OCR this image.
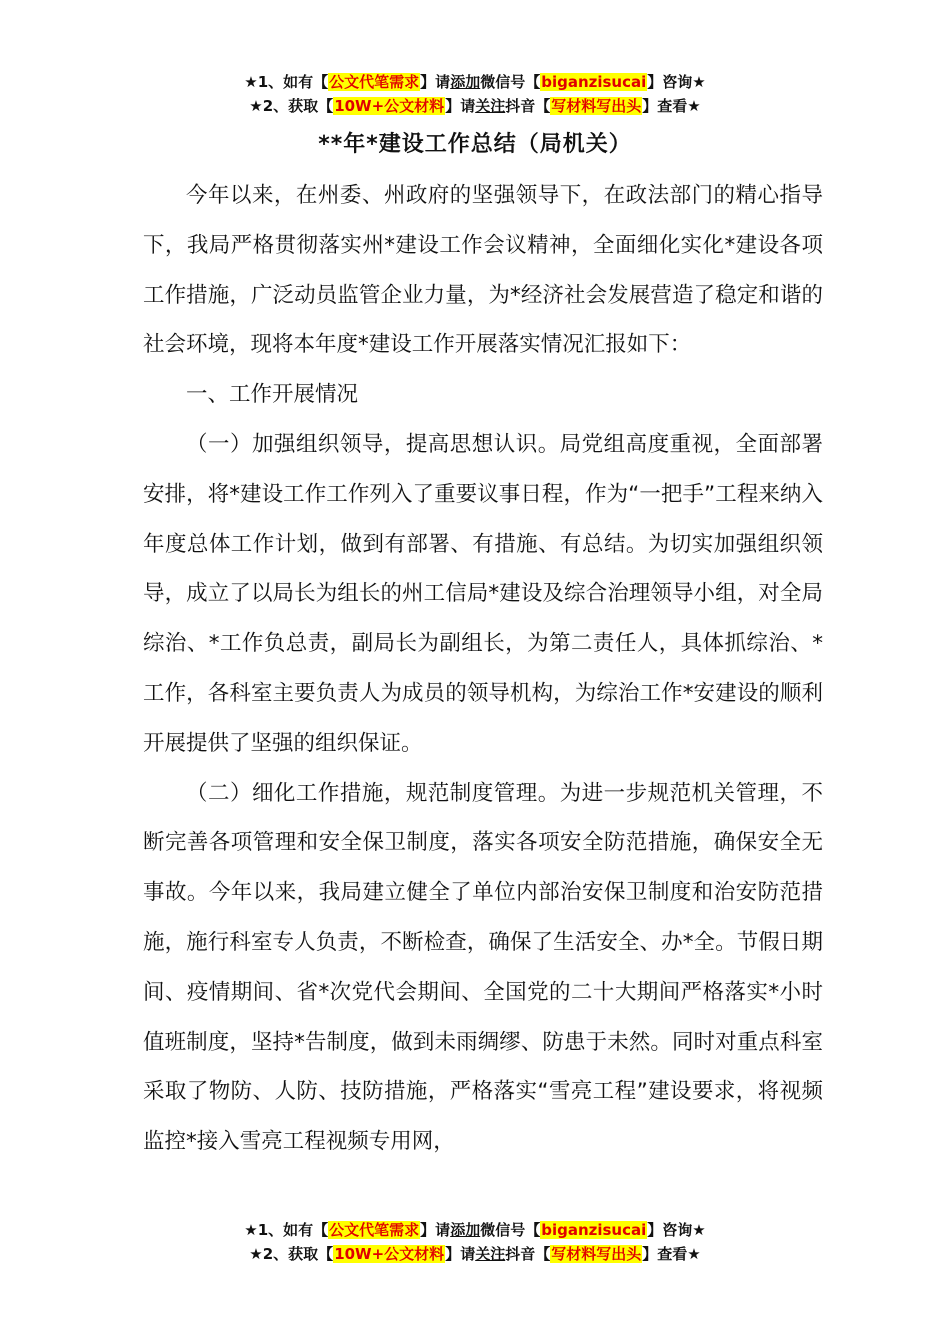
★1、如有【公文代笔需求】请添加微信号【biganzisucai】咨询★
★2、获取【10W+公文材料】请关注抖音【写材料写出头】查看★
**年*建设工作总结（局机关）

今年以来，在州委、州政府的坚强领导下，在政法部门的精心指导下，我局严格贯彻落实州*建设工作会议精神，全面细化实化*建设各项工作措施，广泛动员监管企业力量，为*经济社会发展营造了稳定和谐的社会环境，现将本年度*建设工作开展落实情况汇报如下：

一、工作开展情况

（一）加强组织领导，提高思想认识。局党组高度重视，全面部署安排，将*建设工作工作列入了重要议事日程，作为“一把手”工程来纳入年度总体工作计划，做到有部署、有措施、有总结。为切实加强组织领导，成立了以局长为组长的州工信局*建设及综合治理领导小组，对全局综治、*工作负总责，副局长为副组长，为第二责任人，具体抓综治、*工作，各科室主要负责人为成员的领导机构，为综治工作*安建设的顺利开展提供了坚强的组织保证。

（二）细化工作措施，规范制度管理。为进一步规范机关管理，不断完善各项管理和安全保卫制度，落实各项安全防范措施，确保安全无事故。今年以来，我局建立健全了单位内部治安保卫制度和治安防范措施，施行科室专人负责，不断检查，确保了生活安全、办*全。节假日期间、疫情期间、省*次党代会期间、全国党的二十大期间严格落实*小时值班制度，坚持*告制度，做到未雨绸缪、防患于未然。同时对重点科室采取了物防、人防、技防措施，严格落实“雪亮工程”建设要求，将视频监控*接入雪亮工程视频专用网，

★1、如有【公文代笔需求】请添加微信号【biganzisucai】咨询★
★2、获取【10W+公文材料】请关注抖音【写材料写出头】查看★
